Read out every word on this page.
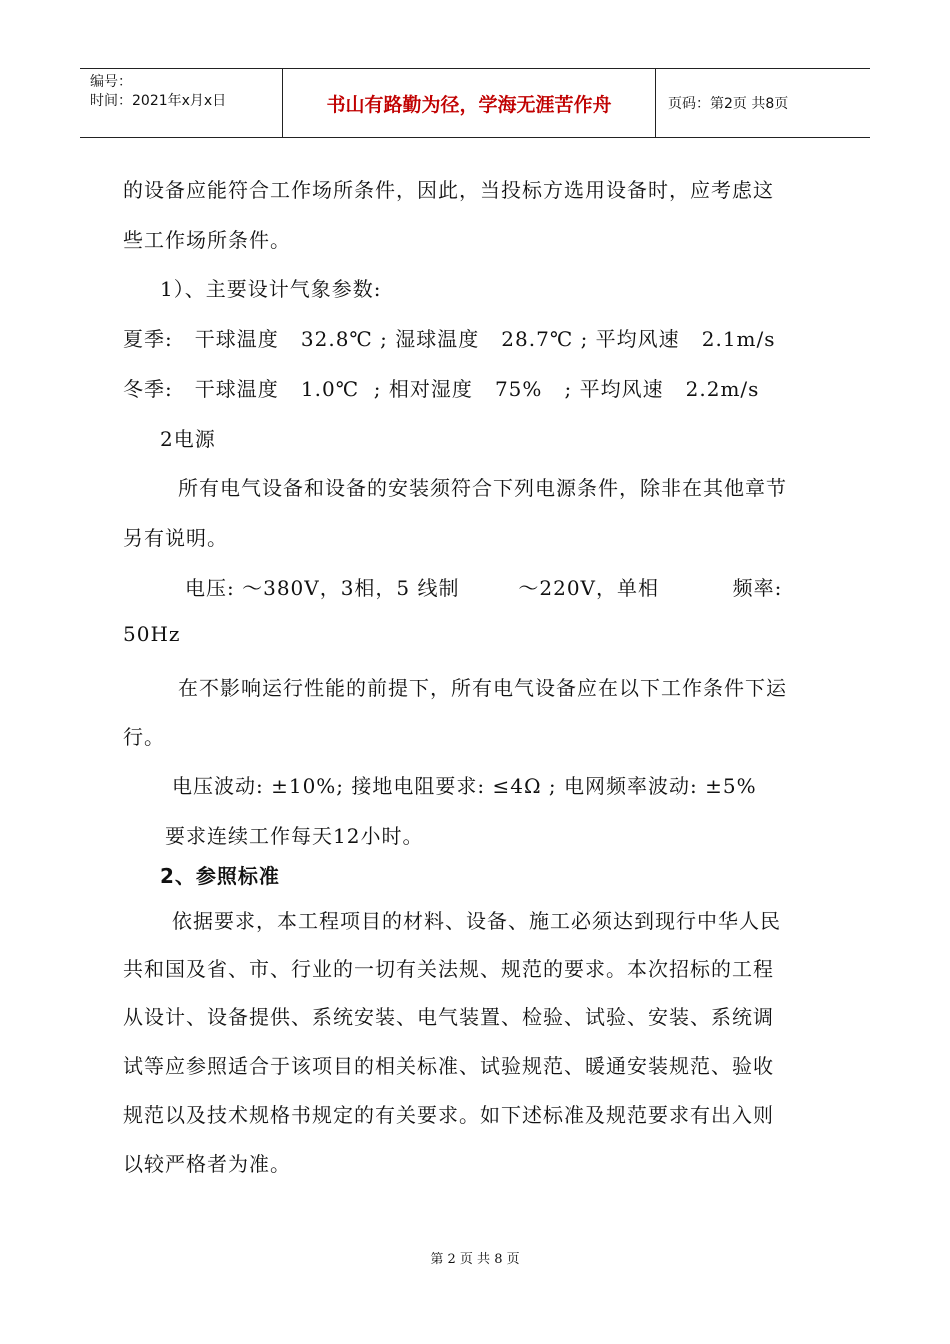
编号：
时间：2021年x月x日	书山有路勤为径，学海无涯苦作舟	页码：第2页 共8页
的设备应能符合工作场所条件，因此，当投标方选用设备时，应考虑这
些工作场所条件。
1）、主要设计气象参数:
夏季:   干球温度   32.8℃ ; 湿球温度   28.7℃ ; 平均风速   2.1m/s
冬季:   干球温度   1.0℃  ; 相对湿度   75%   ; 平均风速   2.2m/s
2电源
所有电气设备和设备的安装须符合下列电源条件，除非在其他章节
另有说明。
电压: ～380V，3相，5 线制        ～220V，单相          频率:
50Hz
在不影响运行性能的前提下，所有电气设备应在以下工作条件下运
行。
电压波动: ±10%; 接地电阻要求: ≤4Ω ; 电网频率波动: ±5%
要求连续工作每天12小时。
2、参照标准
依据要求，本工程项目的材料、设备、施工必须达到现行中华人民
共和国及省、市、行业的一切有关法规、规范的要求。本次招标的工程
从设计、设备提供、系统安装、电气装置、检验、试验、安装、系统调
试等应参照适合于该项目的相关标准、试验规范、暖通安装规范、验收
规范以及技术规格书规定的有关要求。如下述标准及规范要求有出入则
以较严格者为准。
第 2 页 共 8 页
